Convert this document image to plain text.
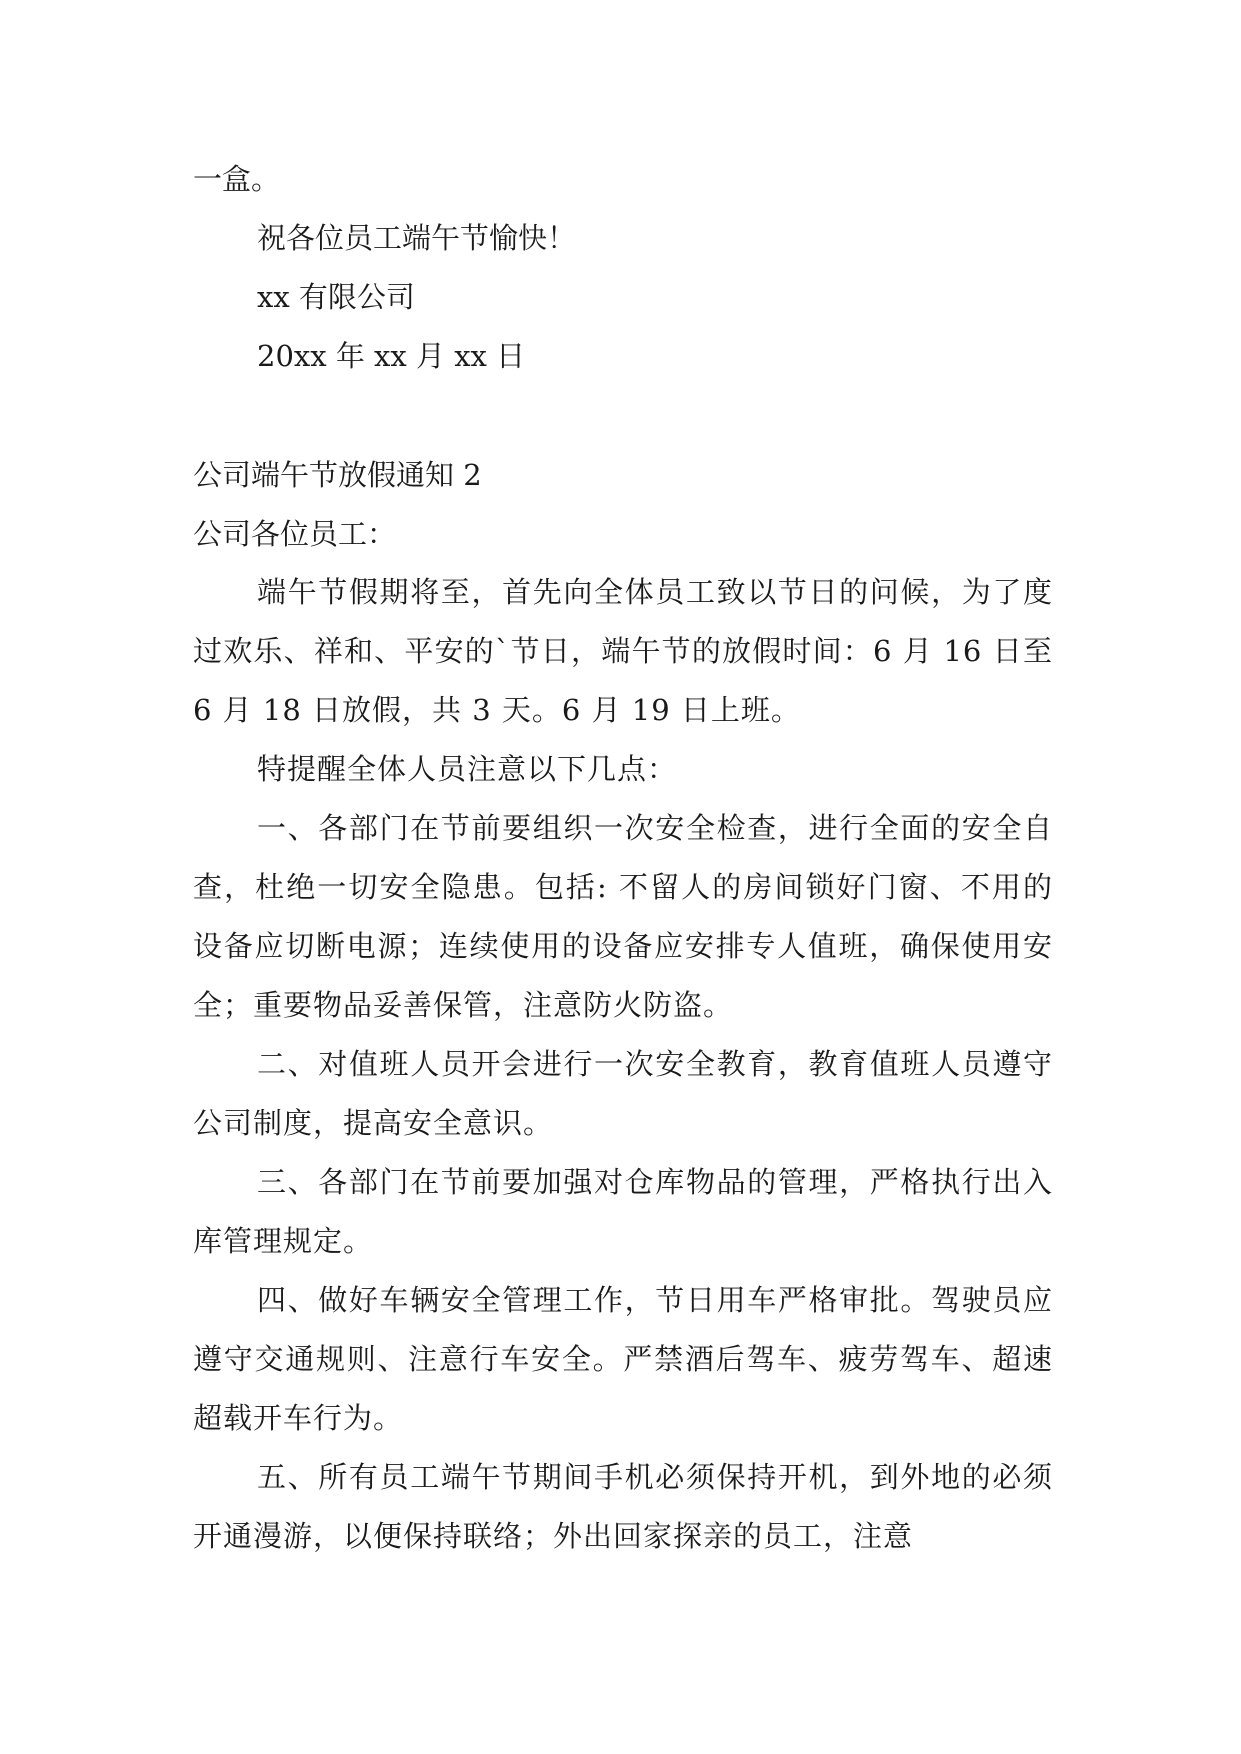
一盒。

祝各位员工端午节愉快！

xx 有限公司

20xx 年 xx 月 xx 日

公司端午节放假通知 2

公司各位员工：

端午节假期将至，首先向全体员工致以节日的问候，为了度过欢乐、祥和、平安的`节日，端午节的放假时间：6 月 16 日至 6 月 18 日放假，共 3 天。6 月 19 日上班。

特提醒全体人员注意以下几点：

一、各部门在节前要组织一次安全检查，进行全面的安全自查，杜绝一切安全隐患。包括: 不留人的房间锁好门窗、不用的设备应切断电源；连续使用的设备应安排专人值班，确保使用安全；重要物品妥善保管，注意防火防盗。

二、对值班人员开会进行一次安全教育，教育值班人员遵守公司制度，提高安全意识。

三、各部门在节前要加强对仓库物品的管理，严格执行出入库管理规定。

四、做好车辆安全管理工作，节日用车严格审批。驾驶员应遵守交通规则、注意行车安全。严禁酒后驾车、疲劳驾车、超速超载开车行为。

五、所有员工端午节期间手机必须保持开机，到外地的必须开通漫游，以便保持联络；外出回家探亲的员工，注意
